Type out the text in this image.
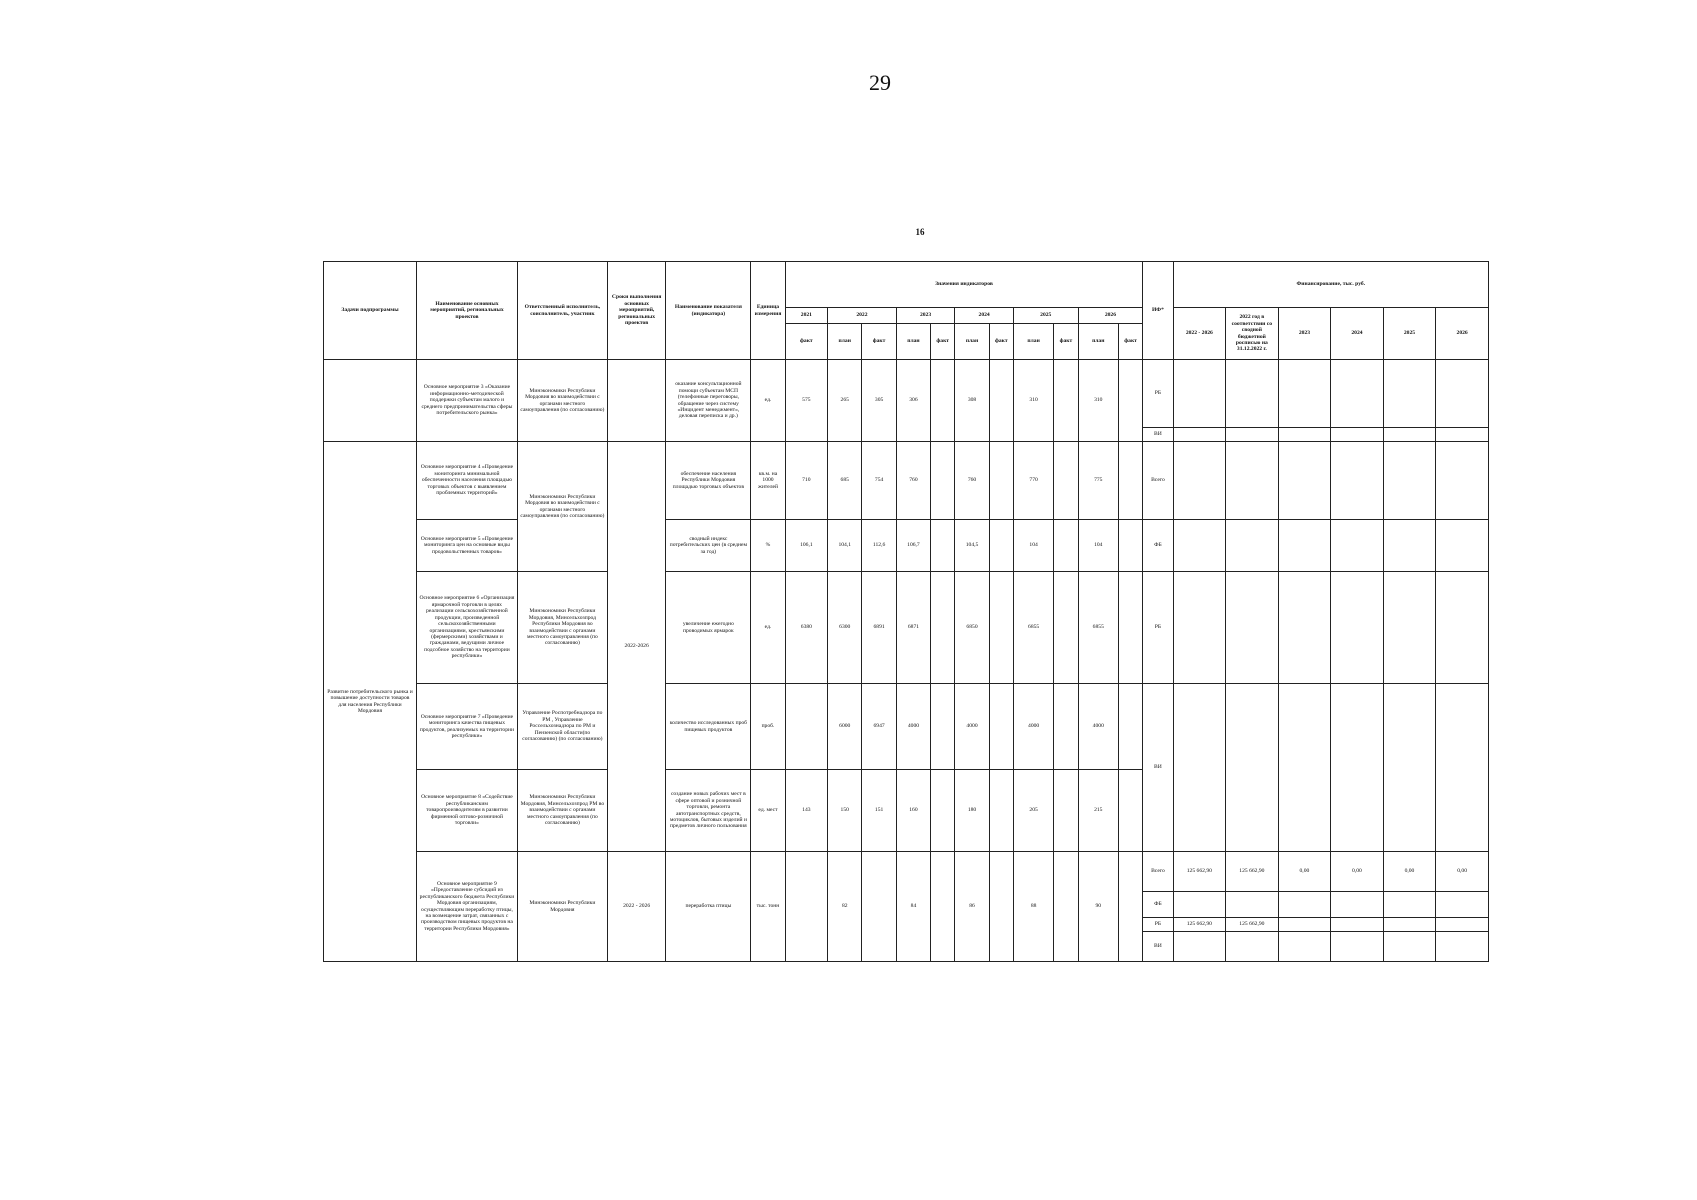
29
16
Задачи подпрограммы	Наименование основных мероприятий, региональных проектов	Ответственный исполнитель, соисполнитель, участник	Сроки выполнения основных мероприятий, региональных проектов	Наименование показателя (индикатора)	Единица измерения	Значения индикаторов											ИФ*	Финансирование, тыс. руб.					
						2021	2022		2023		2024		2025		2026			2022 - 2026	2022 год в соответствии со сводной бюджетной росписью на 31.12.2022 г.	2023	2024	2025	2026
						факт	план	факт	план	факт	план	факт	план	факт	план	факт							
	Основное мероприятие 3 «Оказание информационно-методической поддержки субъектам малого и среднего предпринимательства сферы потребительского рынка»	Минэкономики Республики Мордовия во взаимодействии с органами местного самоуправления (по согласованию)		оказание консультационной помощи субъектам МСП (телефонные переговоры, обращение через систему «Инцидент менеджмент», деловая переписка и др.)	ед.	575	265	305	306		308		310		310		РБ						
																	ВИ						
Развитие потребительского рынка и повышение доступности товаров для населения Республики Мордовия	Основное мероприятие 4 «Проведение мониторинга минимальной обеспеченности населения площадью торговых объектов с выявлением проблемных территорий»	Минэкономики Республики Мордовия во взаимодействии с органами местного самоуправления (по согласованию)	2022-2026	обеспечение населения Республики Мордовия площадью торговых объектов	кв.м. на 1000 жителей	710	685	754	760		760		770		775		Всего						
	Основное мероприятие 5 «Проведение мониторинга цен на основные виды продовольственных товаров»			сводный индекс потребительских цен (в среднем за год)	%	106,1	104,1	112,6	106,7		104,5		104		104		ФБ						
	Основное мероприятие 6 «Организация ярмарочной торговли в целях реализации сельскохозяйственной продукции, произведенной сельскохозяйственными организациями, крестьянскими (фермерскими) хозяйствами и гражданами, ведущими личное подсобное хозяйство на территории республики»	Минэкономики Республики Мордовия, Минсельхозпрод Республики Мордовия во взаимодействии с органами местного самоуправления (по согласованию)		увеличение ежегодно проводимых ярмарок	ед.	6380	6300	6891	6871		6850		6855		6855		РБ						
	Основное мероприятие 7 «Проведение мониторинга качества пищевых продуктов, реализуемых на территории республики»	Управление Роспотребнадзора по РМ , Управление Россельхознадзора по РМ и Пензенской области(по согласованию) (по согласованию)		количество исследованных проб пищевых продуктов	проб.		6000	6947	4000		4000		4000		4000		ВИ						
	Основное мероприятие 8 «Содействие республиканским товаропроизводителям в развитии фирменной оптово-розничной торговли»	Минэкономики Республики Мордовия, Минсельхозпрод РМ во взаимодействии с органами местного самоуправления (по согласованию)		создание новых рабочих мест в сфере оптовой и розничной торговли, ремонта автотранспортных средств, мотоциклов, бытовых изделий и предметов личного пользования	ед. мест	143	150	151	160		180		205		215								
	Основное мероприятие 9 «Предоставление субсидий из республиканского бюджета Республики Мордовия организациям, осуществляющим переработку птицы, на возмещение затрат, связанных с производством пищевых продуктов на территории Республики Мордовия»	Минэкономики Республики Мордовия	2022 - 2026	переработка птицы	тыс. тонн		82		84		86		88		90		Всего	125 662,90	125 662,90	0,00	0,00	0,00	0,00
																	ФБ						
																	РБ	125 662,90	125 662,90				
																	ВИ						
